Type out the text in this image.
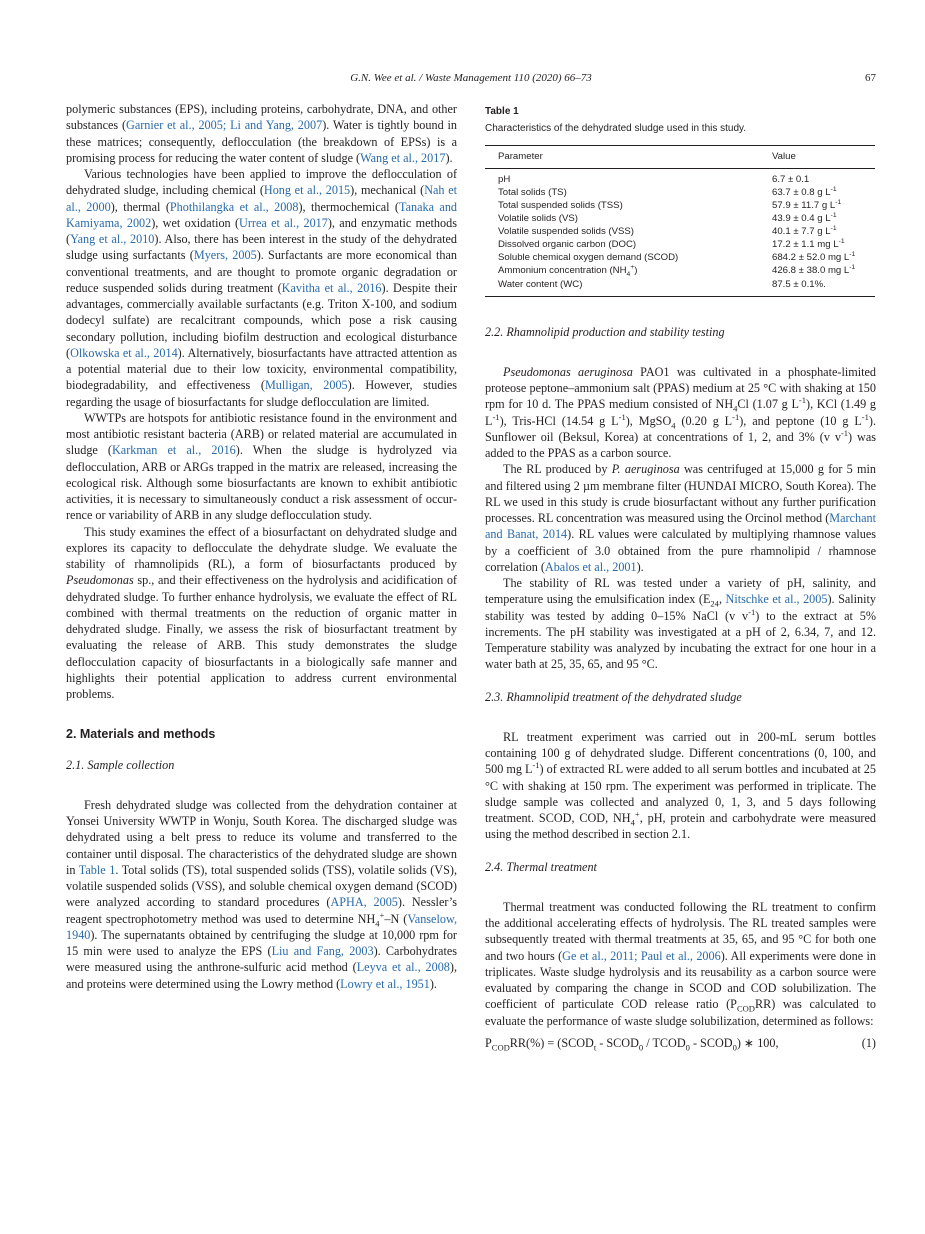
G.N. Wee et al. / Waste Management 110 (2020) 66–73	67

polymeric substances (EPS), including proteins, carbohydrate, DNA, and other substances (Garnier et al., 2005; Li and Yang, 2007). Water is tightly bound in these matrices; consequently, deflocculation (the breakdown of EPSs) is a promising process for reducing the water content of sludge (Wang et al., 2017).

Various technologies have been applied to improve the deflocculation of dehydrated sludge, including chemical (Hong et al., 2015), mechanical (Nah et al., 2000), thermal (Phothilangka et al., 2008), thermochemical (Tanaka and Kamiyama, 2002), wet oxidation (Urrea et al., 2017), and enzymatic methods (Yang et al., 2010). Also, there has been interest in the study of the dehydrated sludge using surfactants (Myers, 2005). Surfactants are more economical than conventional treatments, and are thought to promote organic degradation or reduce suspended solids during treatment (Kavitha et al., 2016). Despite their advantages, commercially available surfactants (e.g. Triton X-100, and sodium dodecyl sulfate) are recalcitrant compounds, which pose a risk causing secondary pollution, including biofilm destruction and ecological disturbance (Olkowska et al., 2014). Alternatively, biosurfactants have attracted attention as a potential material due to their low toxicity, environmental compatibility, biodegradability, and effectiveness (Mulligan, 2005). However, studies regarding the usage of biosurfactants for sludge deflocculation are limited.

WWTPs are hotspots for antibiotic resistance found in the environment and most antibiotic resistant bacteria (ARB) or related material are accumulated in sludge (Karkman et al., 2016). When the sludge is hydrolyzed via deflocculation, ARB or ARGs trapped in the matrix are released, increasing the ecological risk. Although some biosurfactants are known to exhibit antibiotic activities, it is necessary to simultaneously conduct a risk assessment of occurrence or variability of ARB in any sludge deflocculation study.

This study examines the effect of a biosurfactant on dehydrated sludge and explores its capacity to deflocculate the dehydrate sludge. We evaluate the stability of rhamnolipids (RL), a form of biosurfactants produced by Pseudomonas sp., and their effectiveness on the hydrolysis and acidification of dehydrated sludge. To further enhance hydrolysis, we evaluate the effect of RL combined with thermal treatments on the reduction of organic matter in dehydrated sludge. Finally, we assess the risk of biosurfactant treatment by evaluating the release of ARB. This study demonstrates the sludge deflocculation capacity of biosurfactants in a biologically safe manner and highlights their potential application to address current environmental problems.

2. Materials and methods
2.1. Sample collection

Fresh dehydrated sludge was collected from the dehydration container at Yonsei University WWTP in Wonju, South Korea. The discharged sludge was dehydrated using a belt press to reduce its volume and transferred to the container until disposal. The characteristics of the dehydrated sludge are shown in Table 1. Total solids (TS), total suspended solids (TSS), volatile solids (VS), volatile suspended solids (VSS), and soluble chemical oxygen demand (SCOD) were analyzed according to standard procedures (APHA, 2005). Nessler’s reagent spectrophotometry method was used to determine $NH_4^+-N$ (Vanselow, 1940). The supernatants obtained by centrifuging the sludge at 10,000 rpm for 15 min were used to analyze the EPS (Liu and Fang, 2003). Carbohydrates were measured using the anthrone-sulfuric acid method (Leyva et al., 2008), and proteins were determined using the Lowry method (Lowry et al., 1951).

Table 1
Characteristics of the dehydrated sludge used in this study.
Parameter	Value
pH	6.7 ± 0.1
Total solids (TS)	63.7 ± 0.8 g $L^{-1}$
Total suspended solids (TSS)	57.9 ± 11.7 g $L^{-1}$
Volatile solids (VS)	43.9 ± 0.4 g $L^{-1}$
Volatile suspended solids (VSS)	40.1 ± 7.7 g $L^{-1}$
Dissolved organic carbon (DOC)	17.2 ± 1.1 mg $L^{-1}$
Soluble chemical oxygen demand (SCOD)	684.2 ± 52.0 mg $L^{-1}$
Ammonium concentration $(NH_4^+)$	426.8 ± 38.0 mg $L^{-1}$
Water content (WC)	87.5 ± 0.1%.
2.2. Rhamnolipid production and stability testing

Pseudomonas aeruginosa PAO1 was cultivated in a phosphate-limited proteose peptone–ammonium salt (PPAS) medium at 25 °C with shaking at 150 rpm for 10 d. The PPAS medium consisted of $NH_4Cl$ (1.07 g $L^{-1}$), KCl (1.49 g $L^{-1}$), Tris-HCl (14.54 g $L^{-1}$), MgSO$_4$ (0.20 g $L^{-1}$), and peptone (10 g $L^{-1}$). Sunflower oil (Beksul, Korea) at concentrations of 1, 2, and 3% (v $v^{-1}$) was added to the PPAS as a carbon source.

The RL produced by P. aeruginosa was centrifuged at 15,000 g for 5 min and filtered using 2 µm membrane filter (HUNDAI MICRO, South Korea). The RL we used in this study is crude biosurfactant without any further purification processes. RL concentration was measured using the Orcinol method (Marchant and Banat, 2014). RL values were calculated by multiplying rhamnose values by a coefficient of 3.0 obtained from the pure rhamnolipid / rhamnose correlation (Abalos et al., 2001).

The stability of RL was tested under a variety of pH, salinity, and temperature using the emulsification index ($E_{24}$, Nitschke et al., 2005). Salinity stability was tested by adding 0–15% NaCl (v $v^{-1}$) to the extract at 5% increments. The pH stability was investigated at a pH of 2, 6.34, 7, and 12. Temperature stability was analyzed by incubating the extract for one hour in a water bath at 25, 35, 65, and 95 °C.

2.3. Rhamnolipid treatment of the dehydrated sludge

RL treatment experiment was carried out in 200-mL serum bottles containing 100 g of dehydrated sludge. Different concentrations (0, 100, and 500 mg $L^{-1}$) of extracted RL were added to all serum bottles and incubated at 25 °C with shaking at 150 rpm. The experiment was performed in triplicate. The sludge sample was collected and analyzed 0, 1, 3, and 5 days following treatment. SCOD, COD, $NH_4^+$, pH, protein and carbohydrate were measured using the method described in section 2.1.

2.4. Thermal treatment

Thermal treatment was conducted following the RL treatment to confirm the additional accelerating effects of hydrolysis. The RL treated samples were subsequently treated with thermal treatments at 35, 65, and 95 °C for both one and two hours (Ge et al., 2011; Paul et al., 2006). All experiments were done in triplicates. Waste sludge hydrolysis and its reusability as a carbon source were evaluated by comparing the change in SCOD and COD solubilization. The coefficient of particulate COD release ratio $(P_{COD}RR)$ was calculated to evaluate the performance of waste sludge solubilization, determined as follows:

$P_{COD}RR(\%)$ = ($SCOD_t$ - $SCOD_0$ / $TCOD_0$ - $SCOD_0$) ∗ 100,	(1)
